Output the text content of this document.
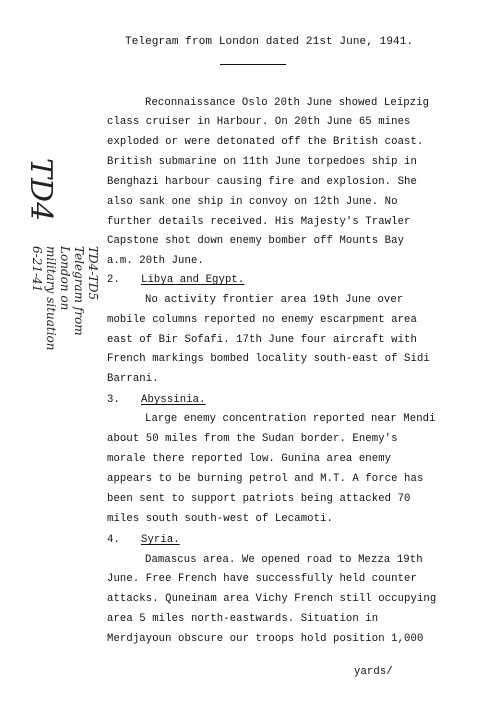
Telegram from London dated 21st June, 1941.
Reconnaissance Oslo 20th June showed Leipzig
class cruiser in Harbour. On 20th June 65 mines
exploded or were detonated off the British coast.
British submarine on 11th June torpedoes ship in
Benghazi harbour causing fire and explosion. She
also sank one ship in convoy on 12th June. No
further details received. His Majesty's Trawler
Capstone shot down enemy bomber off Mounts Bay
a.m. 20th June.
2. Libya and Egypt.
No activity frontier area 19th June over
mobile columns reported no enemy escarpment area
east of Bir Sofafi. 17th June four aircraft with
French markings bombed locality south-east of Sidi
Barrani.
3. Abyssinia.
Large enemy concentration reported near Mendi
about 50 miles from the Sudan border. Enemy's
morale there reported low. Gunina area enemy
appears to be burning petrol and M.T. A force has
been sent to support patriots being attacked 70
miles south south-west of Lecamoti.
4. Syria.
Damascus area. We opened road to Mezza 19th
June. Free French have successfully held counter
attacks. Quneinam area Vichy French still occupying
area 5 miles north-eastwards. Situation in
Merdjayoun obscure our troops hold position 1,000
yards/
TD4
TD4-TD5
Telegram from
London on
military situation
6-21-41
